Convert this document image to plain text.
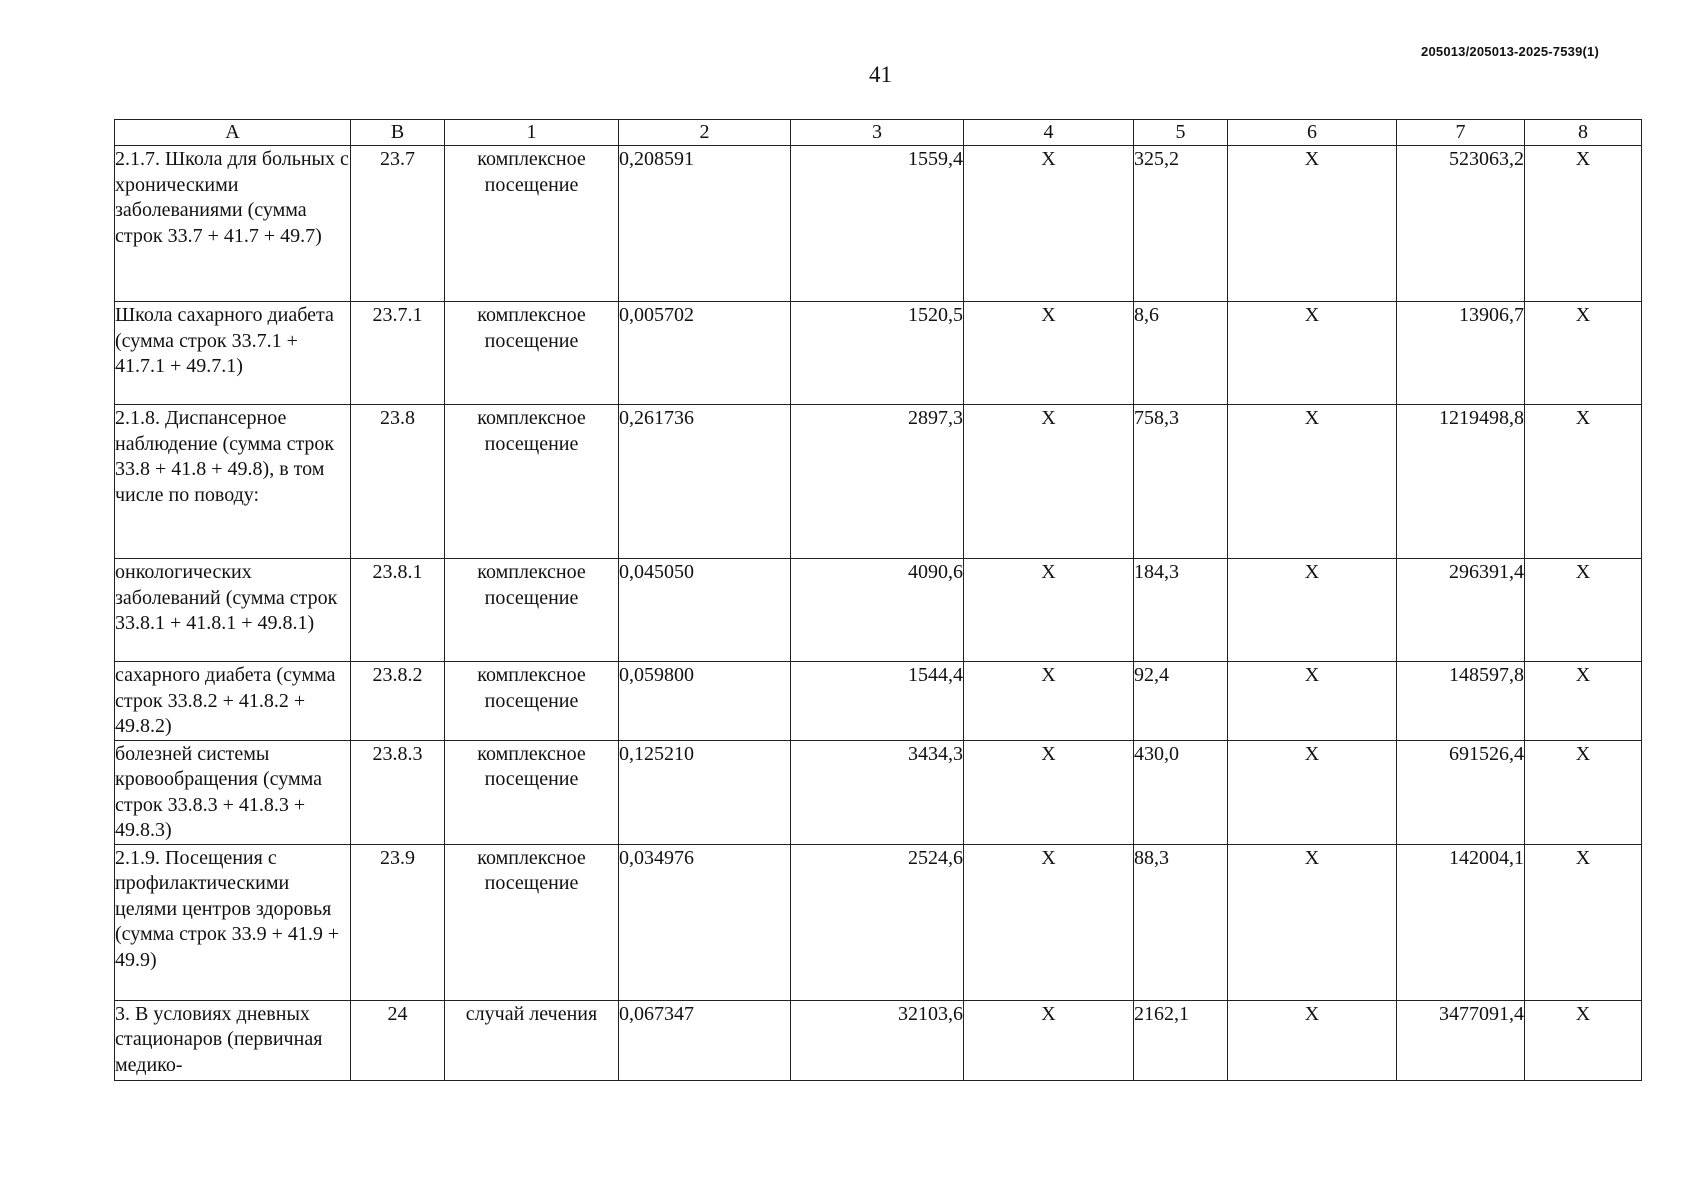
205013/205013-2025-7539(1)
41
А	В	1	2	3	4	5	6	7	8
2.1.7. Школа для больных с хроническими заболеваниями (сумма строк 33.7 + 41.7 + 49.7)	23.7	комплексное посещение	0,208591	1559,4	Х	325,2	Х	523063,2	Х
Школа сахарного диабета (сумма строк 33.7.1 + 41.7.1 + 49.7.1)	23.7.1	комплексное посещение	0,005702	1520,5	Х	8,6	Х	13906,7	Х
2.1.8. Диспансерное наблюдение (сумма строк 33.8 + 41.8 + 49.8), в том числе по поводу:	23.8	комплексное посещение	0,261736	2897,3	Х	758,3	Х	1219498,8	Х
онкологических заболеваний (сумма строк 33.8.1 + 41.8.1 + 49.8.1)	23.8.1	комплексное посещение	0,045050	4090,6	Х	184,3	Х	296391,4	Х
сахарного диабета (сумма строк 33.8.2 + 41.8.2 + 49.8.2)	23.8.2	комплексное посещение	0,059800	1544,4	Х	92,4	Х	148597,8	Х
болезней системы кровообращения (сумма строк 33.8.3 + 41.8.3 + 49.8.3)	23.8.3	комплексное посещение	0,125210	3434,3	Х	430,0	Х	691526,4	Х
2.1.9. Посещения с профилактическими целями центров здоровья (сумма строк 33.9 + 41.9 + 49.9)	23.9	комплексное посещение	0,034976	2524,6	Х	88,3	Х	142004,1	Х
3. В условиях дневных стационаров (первичная медико-	24	случай лечения	0,067347	32103,6	Х	2162,1	Х	3477091,4	Х
